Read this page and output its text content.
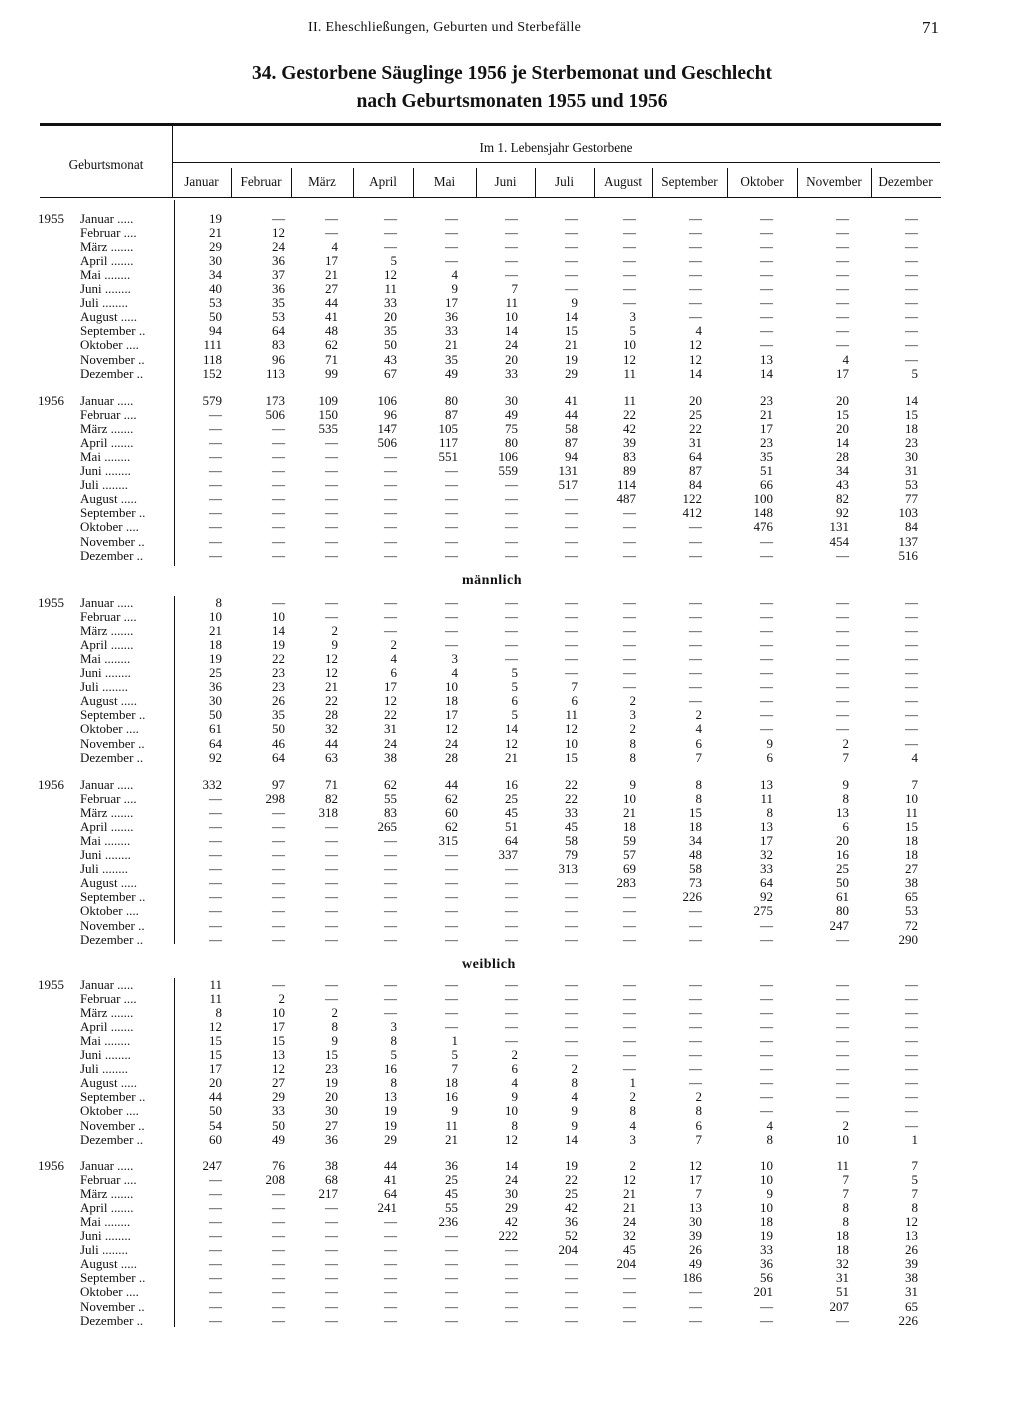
II. Eheschließungen, Geburten und Sterbefälle	71
34. Gestorbene Säuglinge 1956 je Sterbemonat und Geschlecht
nach Geburtsmonaten 1955 und 1956
Geburtsmonat
Im 1. Lebensjahr Gestorbene
Januar	Februar	März	April	Mai	Juni	Juli	August	September	Oktober	November	Dezember
1955 Januar .....	19	—	—	—	—	—	—	—	—	—	—	—
Februar ....	21	12	—	—	—	—	—	—	—	—	—	—
März .......	29	24	4	—	—	—	—	—	—	—	—	—
April .......	30	36	17	5	—	—	—	—	—	—	—	—
Mai ........	34	37	21	12	4	—	—	—	—	—	—	—
Juni ........	40	36	27	11	9	7	—	—	—	—	—	—
Juli ........	53	35	44	33	17	11	9	—	—	—	—	—
August .....	50	53	41	20	36	10	14	3	—	—	—	—
September ..	94	64	48	35	33	14	15	5	4	—	—	—
Oktober ....	111	83	62	50	21	24	21	10	12	—	—	—
November ..	118	96	71	43	35	20	19	12	12	13	4	—
Dezember ..	152	113	99	67	49	33	29	11	14	14	17	5
1956 Januar .....	579	173	109	106	80	30	41	11	20	23	20	14
Februar ....	—	506	150	96	87	49	44	22	25	21	15	15
März .......	—	—	535	147	105	75	58	42	22	17	20	18
April .......	—	—	—	506	117	80	87	39	31	23	14	23
Mai ........	—	—	—	—	551	106	94	83	64	35	28	30
Juni ........	—	—	—	—	—	559	131	89	87	51	34	31
Juli ........	—	—	—	—	—	—	517	114	84	66	43	53
August .....	—	—	—	—	—	—	—	487	122	100	82	77
September ..	—	—	—	—	—	—	—	—	412	148	92	103
Oktober ....	—	—	—	—	—	—	—	—	—	476	131	84
November ..	—	—	—	—	—	—	—	—	—	—	454	137
Dezember ..	—	—	—	—	—	—	—	—	—	—	—	516
männlich
1955 Januar .....	8	—	—	—	—	—	—	—	—	—	—	—
Februar ....	10	10	—	—	—	—	—	—	—	—	—	—
März .......	21	14	2	—	—	—	—	—	—	—	—	—
April .......	18	19	9	2	—	—	—	—	—	—	—	—
Mai ........	19	22	12	4	3	—	—	—	—	—	—	—
Juni ........	25	23	12	6	4	5	—	—	—	—	—	—
Juli ........	36	23	21	17	10	5	7	—	—	—	—	—
August .....	30	26	22	12	18	6	6	2	—	—	—	—
September ..	50	35	28	22	17	5	11	3	2	—	—	—
Oktober ....	61	50	32	31	12	14	12	2	4	—	—	—
November ..	64	46	44	24	24	12	10	8	6	9	2	—
Dezember ..	92	64	63	38	28	21	15	8	7	6	7	4
1956 Januar .....	332	97	71	62	44	16	22	9	8	13	9	7
Februar ....	—	298	82	55	62	25	22	10	8	11	8	10
März .......	—	—	318	83	60	45	33	21	15	8	13	11
April .......	—	—	—	265	62	51	45	18	18	13	6	15
Mai ........	—	—	—	—	315	64	58	59	34	17	20	18
Juni ........	—	—	—	—	—	337	79	57	48	32	16	18
Juli ........	—	—	—	—	—	—	313	69	58	33	25	27
August .....	—	—	—	—	—	—	—	283	73	64	50	38
September ..	—	—	—	—	—	—	—	—	226	92	61	65
Oktober ....	—	—	—	—	—	—	—	—	—	275	80	53
November ..	—	—	—	—	—	—	—	—	—	—	247	72
Dezember ..	—	—	—	—	—	—	—	—	—	—	—	290
weiblich
1955 Januar .....	11	—	—	—	—	—	—	—	—	—	—	—
Februar ....	11	2	—	—	—	—	—	—	—	—	—	—
März .......	8	10	2	—	—	—	—	—	—	—	—	—
April .......	12	17	8	3	—	—	—	—	—	—	—	—
Mai ........	15	15	9	8	1	—	—	—	—	—	—	—
Juni ........	15	13	15	5	5	2	—	—	—	—	—	—
Juli ........	17	12	23	16	7	6	2	—	—	—	—	—
August .....	20	27	19	8	18	4	8	1	—	—	—	—
September ..	44	29	20	13	16	9	4	2	2	—	—	—
Oktober ....	50	33	30	19	9	10	9	8	8	—	—	—
November ..	54	50	27	19	11	8	9	4	6	4	2	—
Dezember ..	60	49	36	29	21	12	14	3	7	8	10	1
1956 Januar .....	247	76	38	44	36	14	19	2	12	10	11	7
Februar ....	—	208	68	41	25	24	22	12	17	10	7	5
März .......	—	—	217	64	45	30	25	21	7	9	7	7
April .......	—	—	—	241	55	29	42	21	13	10	8	8
Mai ........	—	—	—	—	236	42	36	24	30	18	8	12
Juni ........	—	—	—	—	—	222	52	32	39	19	18	13
Juli ........	—	—	—	—	—	—	204	45	26	33	18	26
August .....	—	—	—	—	—	—	—	204	49	36	32	39
September ..	—	—	—	—	—	—	—	—	186	56	31	38
Oktober ....	—	—	—	—	—	—	—	—	—	201	51	31
November ..	—	—	—	—	—	—	—	—	—	—	207	65
Dezember ..	—	—	—	—	—	—	—	—	—	—	—	226
